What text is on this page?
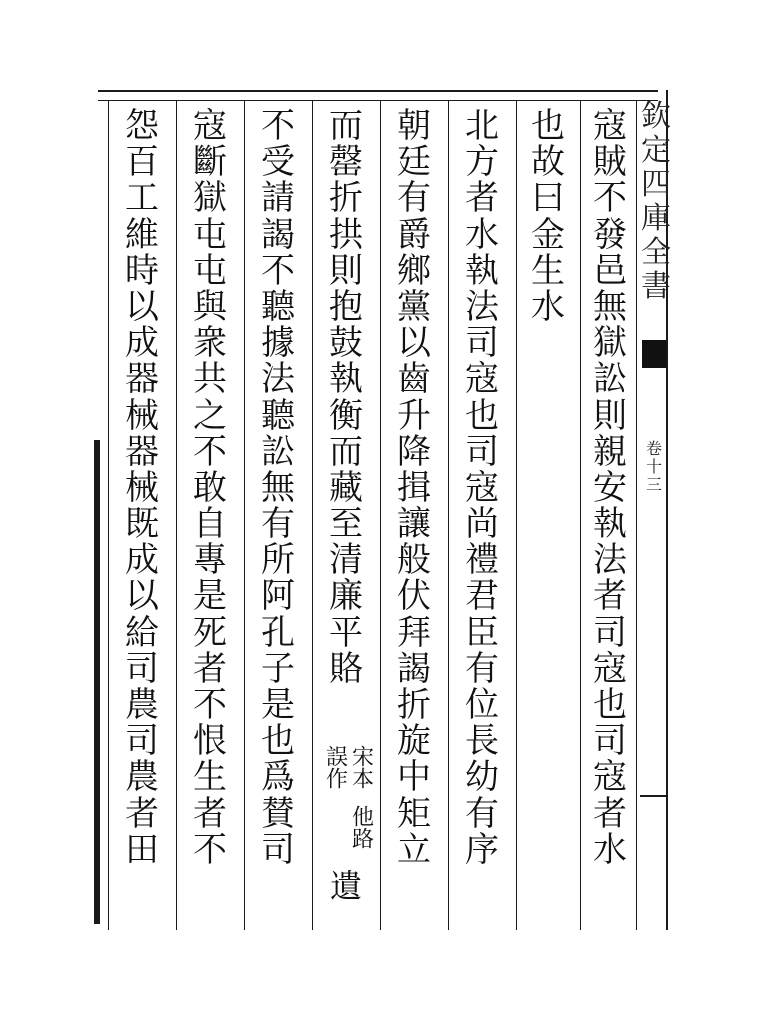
欽
定
四
庫
全
書
卷
十
三
寇
賊
不
發
邑
無
獄
訟
則
親
安
執
法
者
司
寇
也
司
寇
者
水
也
故
曰
金
生
水
北
方
者
水
執
法
司
寇
也
司
寇
尚
禮
君
臣
有
位
長
幼
有
序
朝
廷
有
爵
鄉
黨
以
齒
升
降
揖
讓
般
伏
拜
謁
折
旋
中
矩
立
而
罄
折
拱
則
抱
鼓
執
衡
而
藏
至
清
廉
平
賂
不
受
請
謁
不
聽
據
法
聽
訟
無
有
所
阿
孔
子
是
也
爲
賛
司
寇
斷
獄
屯
屯
與
衆
共
之
不
敢
自
專
是
死
者
不
恨
生
者
不
怨
百
工
維
時
以
成
器
械
器
械
既
成
以
給
司
農
司
農
者
田
宋本
誤作
他路
遺
